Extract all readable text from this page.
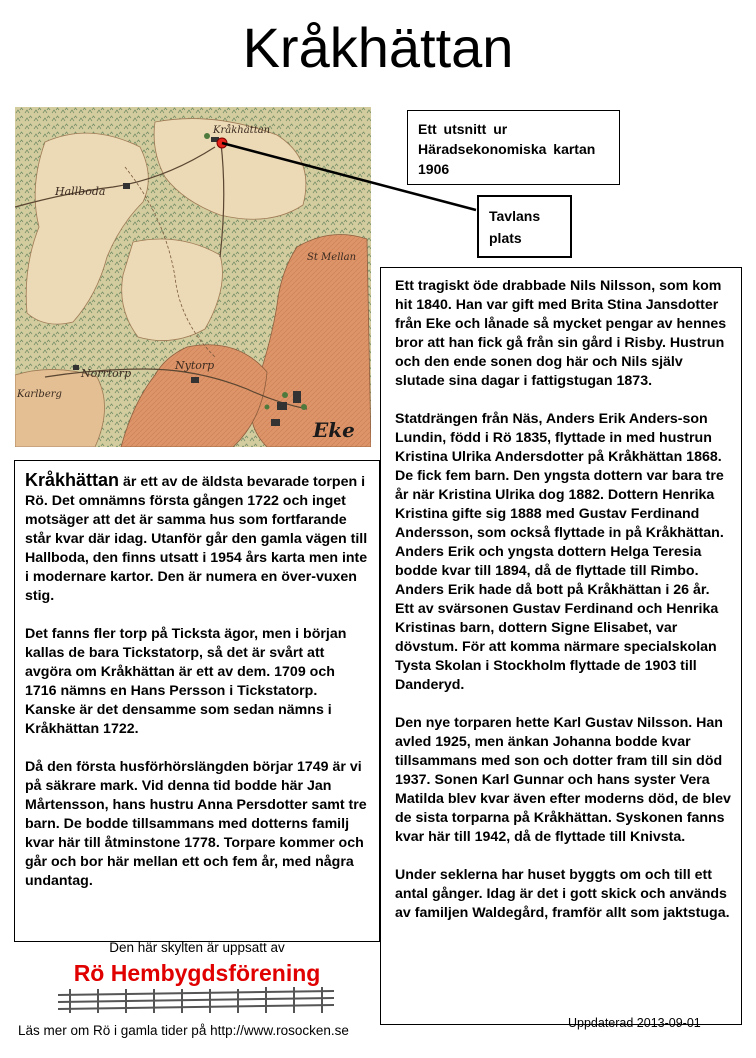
Kråkhättan
Kråkhättan
Hallboda
St Mellan
Nytorp
Norrtorp
Karlberg
Eke
Ett utsnitt ur Häradsekonomiska kartan 1906
Tavlans plats

Kråkhättan är ett av de äldsta bevarade torpen i Rö. Det omnämns första gången 1722 och inget motsäger att det är samma hus som fortfarande står kvar där idag. Utanför går den gamla vägen till Hallboda, den finns utsatt i 1954 års karta men inte i modernare kartor. Den är numera en över-vuxen stig.

Det fanns fler torp på Ticksta ägor, men i början kallas de bara Tickstatorp, så det är svårt att avgöra om Kråkhättan är ett av dem. 1709 och 1716 nämns en Hans Persson i Tickstatorp. Kanske är det densamme som sedan nämns i Kråkhättan 1722.

Då den första husförhörslängden börjar 1749 är vi på säkrare mark. Vid denna tid bodde här Jan Mårtensson, hans hustru Anna Persdotter samt tre barn. De bodde tillsammans med dotterns familj kvar här till åtminstone 1778. Torpare kommer och går och bor här mellan ett och fem år, med några undantag.

Ett tragiskt öde drabbade Nils Nilsson, som kom hit 1840. Han var gift med Brita Stina Jansdotter från Eke och lånade så mycket pengar av hennes bror att han fick gå från sin gård i Risby. Hustrun och den ende sonen dog här och Nils själv slutade sina dagar i fattigstugan 1873.

Statdrängen från Näs, Anders Erik Anders-son Lundin, född i Rö 1835, flyttade in med hustrun Kristina Ulrika Andersdotter på Kråkhättan 1868. De fick fem barn. Den yngsta dottern var bara tre år när Kristina Ulrika dog 1882. Dottern Henrika Kristina gifte sig 1888 med Gustav Ferdinand Andersson, som också flyttade in på Kråkhättan. Anders Erik och yngsta dottern Helga Teresia bodde kvar till 1894, då de flyttade till Rimbo. Anders Erik hade då bott på Kråkhättan i 26 år. Ett av svärsonen Gustav Ferdinand och Henrika Kristinas barn, dottern Signe Elisabet, var dövstum. För att komma närmare specialskolan Tysta Skolan i Stockholm flyttade de 1903 till Danderyd.

Den nye torparen hette Karl Gustav Nilsson. Han avled 1925, men änkan Johanna bodde kvar tillsammans med son och dotter fram till sin död 1937. Sonen Karl Gunnar och hans syster Vera Matilda blev kvar även efter moderns död, de blev de sista torparna på Kråkhättan. Syskonen fanns kvar här till 1942, då de flyttade till Knivsta.

Under seklerna har huset byggts om och till ett antal gånger. Idag är det i gott skick och används av familjen Waldegård, framför allt som jaktstuga.

Den här skylten är uppsatt av
Rö Hembygdsförening
Läs mer om Rö i gamla tider på http://www.rosocken.se	Uppdaterad 2013-09-01
